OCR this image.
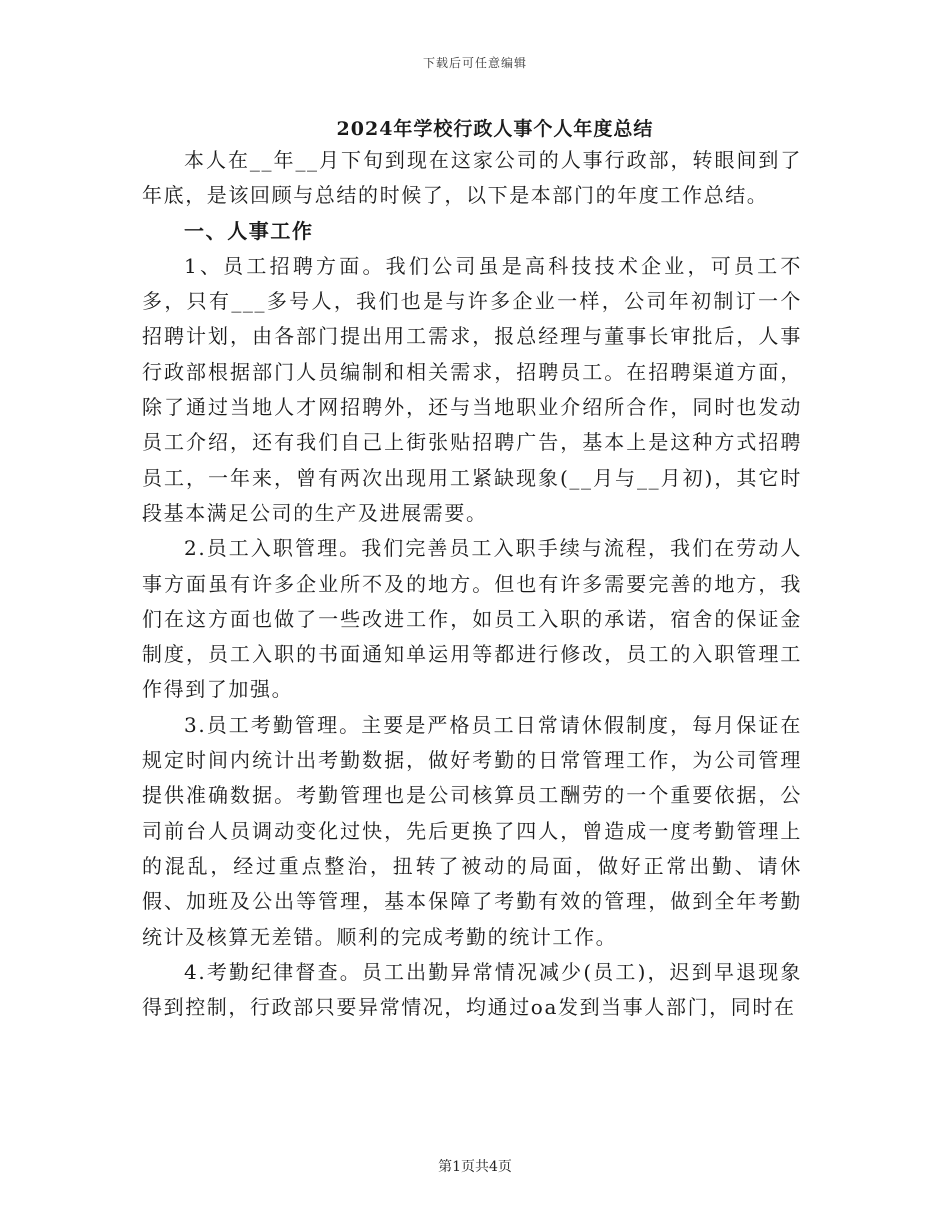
下载后可任意编辑
2024年学校行政人事个人年度总结

本人在__年__月下旬到现在这家公司的人事行政部，转眼间到了年底，是该回顾与总结的时候了，以下是本部门的年度工作总结。

一、人事工作

1、员工招聘方面。我们公司虽是高科技技术企业，可员工不多，只有___多号人，我们也是与许多企业一样，公司年初制订一个招聘计划，由各部门提出用工需求，报总经理与董事长审批后，人事行政部根据部门人员编制和相关需求，招聘员工。在招聘渠道方面，除了通过当地人才网招聘外，还与当地职业介绍所合作，同时也发动员工介绍，还有我们自己上街张贴招聘广告，基本上是这种方式招聘员工，一年来，曾有两次出现用工紧缺现象(__月与__月初)，其它时段基本满足公司的生产及进展需要。

2.员工入职管理。我们完善员工入职手续与流程，我们在劳动人事方面虽有许多企业所不及的地方。但也有许多需要完善的地方，我们在这方面也做了一些改进工作，如员工入职的承诺，宿舍的保证金制度，员工入职的书面通知单运用等都进行修改，员工的入职管理工作得到了加强。

3.员工考勤管理。主要是严格员工日常请休假制度，每月保证在规定时间内统计出考勤数据，做好考勤的日常管理工作，为公司管理提供准确数据。考勤管理也是公司核算员工酬劳的一个重要依据，公司前台人员调动变化过快，先后更换了四人，曾造成一度考勤管理上的混乱，经过重点整治，扭转了被动的局面，做好正常出勤、请休假、加班及公出等管理，基本保障了考勤有效的管理，做到全年考勤统计及核算无差错。顺利的完成考勤的统计工作。

4.考勤纪律督查。员工出勤异常情况减少(员工)，迟到早退现象得到控制，行政部只要异常情况，均通过oa发到当事人部门，同时在

第1页共4页
